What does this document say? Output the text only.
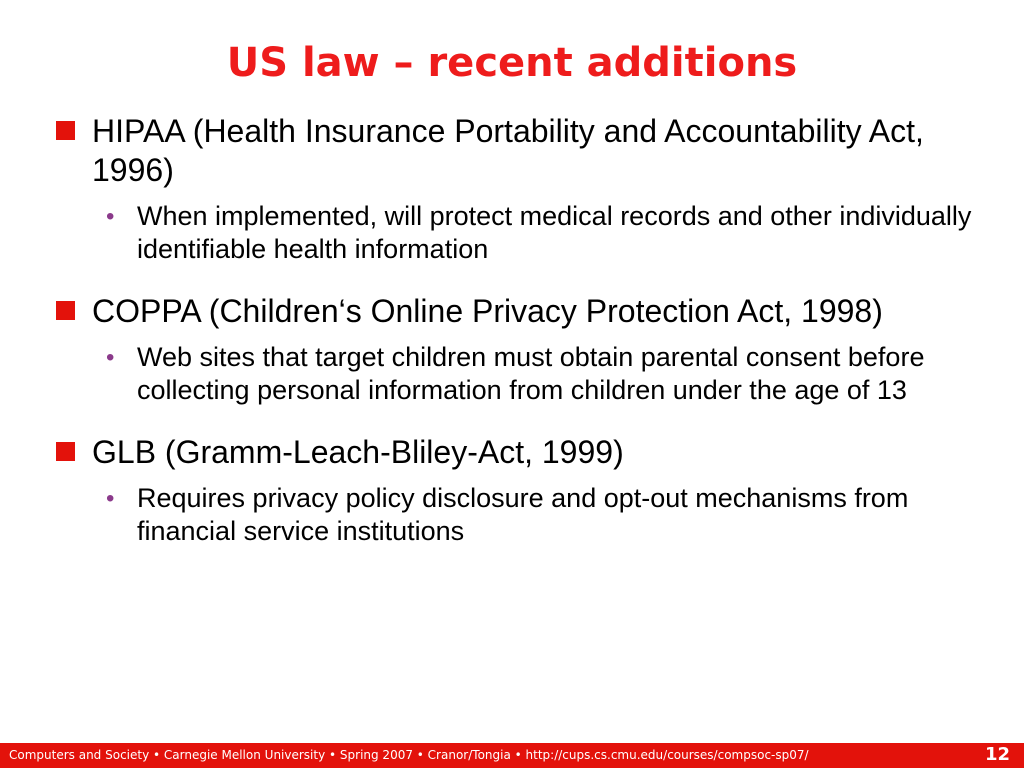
US law – recent additions
HIPAA (Health Insurance Portability and Accountability Act, 1996)
• When implemented, will protect medical records and other individually identifiable health information
COPPA (Children‘s Online Privacy Protection Act, 1998)
• Web sites that target children must obtain parental consent before collecting personal information from children under the age of 13
GLB (Gramm-Leach-Bliley-Act, 1999)
• Requires privacy policy disclosure and opt-out mechanisms from financial service institutions
Computers and Society • Carnegie Mellon University • Spring 2007 • Cranor/Tongia • http://cups.cs.cmu.edu/courses/compsoc-sp07/	12
